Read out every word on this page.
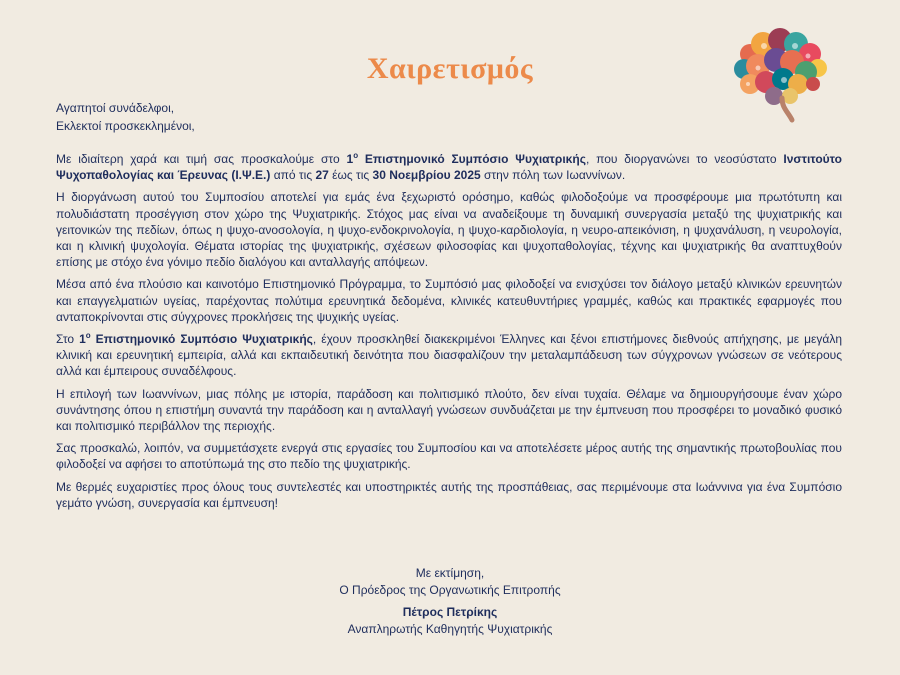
Χαιρετισμός
Αγαπητοί συνάδελφοι,
Εκλεκτοί προσκεκλημένοι,

Με ιδιαίτερη χαρά και τιμή σας προσκαλούμε στο $1^o$ Επιστημονικό Συμπόσιο Ψυχιατρικής, που διοργανώνει το νεοσύστατο Ινστιτούτο Ψυχοπαθολογίας και Έρευνας (Ι.Ψ.Ε.) από τις 27 έως τις 30 Νοεμβρίου 2025 στην πόλη των Ιωαννίνων.

Η διοργάνωση αυτού του Συμποσίου αποτελεί για εμάς ένα ξεχωριστό ορόσημο, καθώς φιλοδοξούμε να προσφέρουμε μια πρωτότυπη και πολυδιάστατη προσέγγιση στον χώρο της Ψυχιατρικής. Στόχος μας είναι να αναδείξουμε τη δυναμική συνεργασία μεταξύ της ψυχιατρικής και γειτονικών της πεδίων, όπως η ψυχο-ανοσολογία, η ψυχο-ενδοκρινολογία, η ψυχο-καρδιολογία, η νευρο-απεικόνιση, η ψυχανάλυση, η νευρολογία, και η κλινική ψυχολογία. Θέματα ιστορίας της ψυχιατρικής, σχέσεων φιλοσοφίας και ψυχοπαθολογίας, τέχνης και ψυχιατρικής θα αναπτυχθούν επίσης με στόχο ένα γόνιμο πεδίο διαλόγου και ανταλλαγής απόψεων.

Μέσα από ένα πλούσιο και καινοτόμο Επιστημονικό Πρόγραμμα, το Συμπόσιό μας φιλοδοξεί να ενισχύσει τον διάλογο μεταξύ κλινικών ερευνητών και επαγγελματιών υγείας, παρέχοντας πολύτιμα ερευνητικά δεδομένα, κλινικές κατευθυντήριες γραμμές, καθώς και πρακτικές εφαρμογές που ανταποκρίνονται στις σύγχρονες προκλήσεις της ψυχικής υγείας.

Στο $1^o$ Επιστημονικό Συμπόσιο Ψυχιατρικής, έχουν προσκληθεί διακεκριμένοι Έλληνες και ξένοι επιστήμονες διεθνούς απήχησης, με μεγάλη κλινική και ερευνητική εμπειρία, αλλά και εκπαιδευτική δεινότητα που διασφαλίζουν την μεταλαμπάδευση των σύγχρονων γνώσεων σε νεότερους αλλά και έμπειρους συναδέλφους.

Η επιλογή των Ιωαννίνων, μιας πόλης με ιστορία, παράδοση και πολιτισμικό πλούτο, δεν είναι τυχαία. Θέλαμε να δημιουργήσουμε έναν χώρο συνάντησης όπου η επιστήμη συναντά την παράδοση και η ανταλλαγή γνώσεων συνδυάζεται με την έμπνευση που προσφέρει το μοναδικό φυσικό και πολιτισμικό περιβάλλον της περιοχής.

Σας προσκαλώ, λοιπόν, να συμμετάσχετε ενεργά στις εργασίες του Συμποσίου και να αποτελέσετε μέρος αυτής της σημαντικής πρωτοβουλίας που φιλοδοξεί να αφήσει το αποτύπωμά της στο πεδίο της ψυχιατρικής.

Με θερμές ευχαριστίες προς όλους τους συντελεστές και υποστηρικτές αυτής της προσπάθειας, σας περιμένουμε στα Ιωάννινα για ένα Συμπόσιο γεμάτο γνώση, συνεργασία και έμπνευση!

Με εκτίμηση,
Ο Πρόεδρος της Οργανωτικής Επιτροπής
Πέτρος Πετρίκης
Αναπληρωτής Καθηγητής Ψυχιατρικής
